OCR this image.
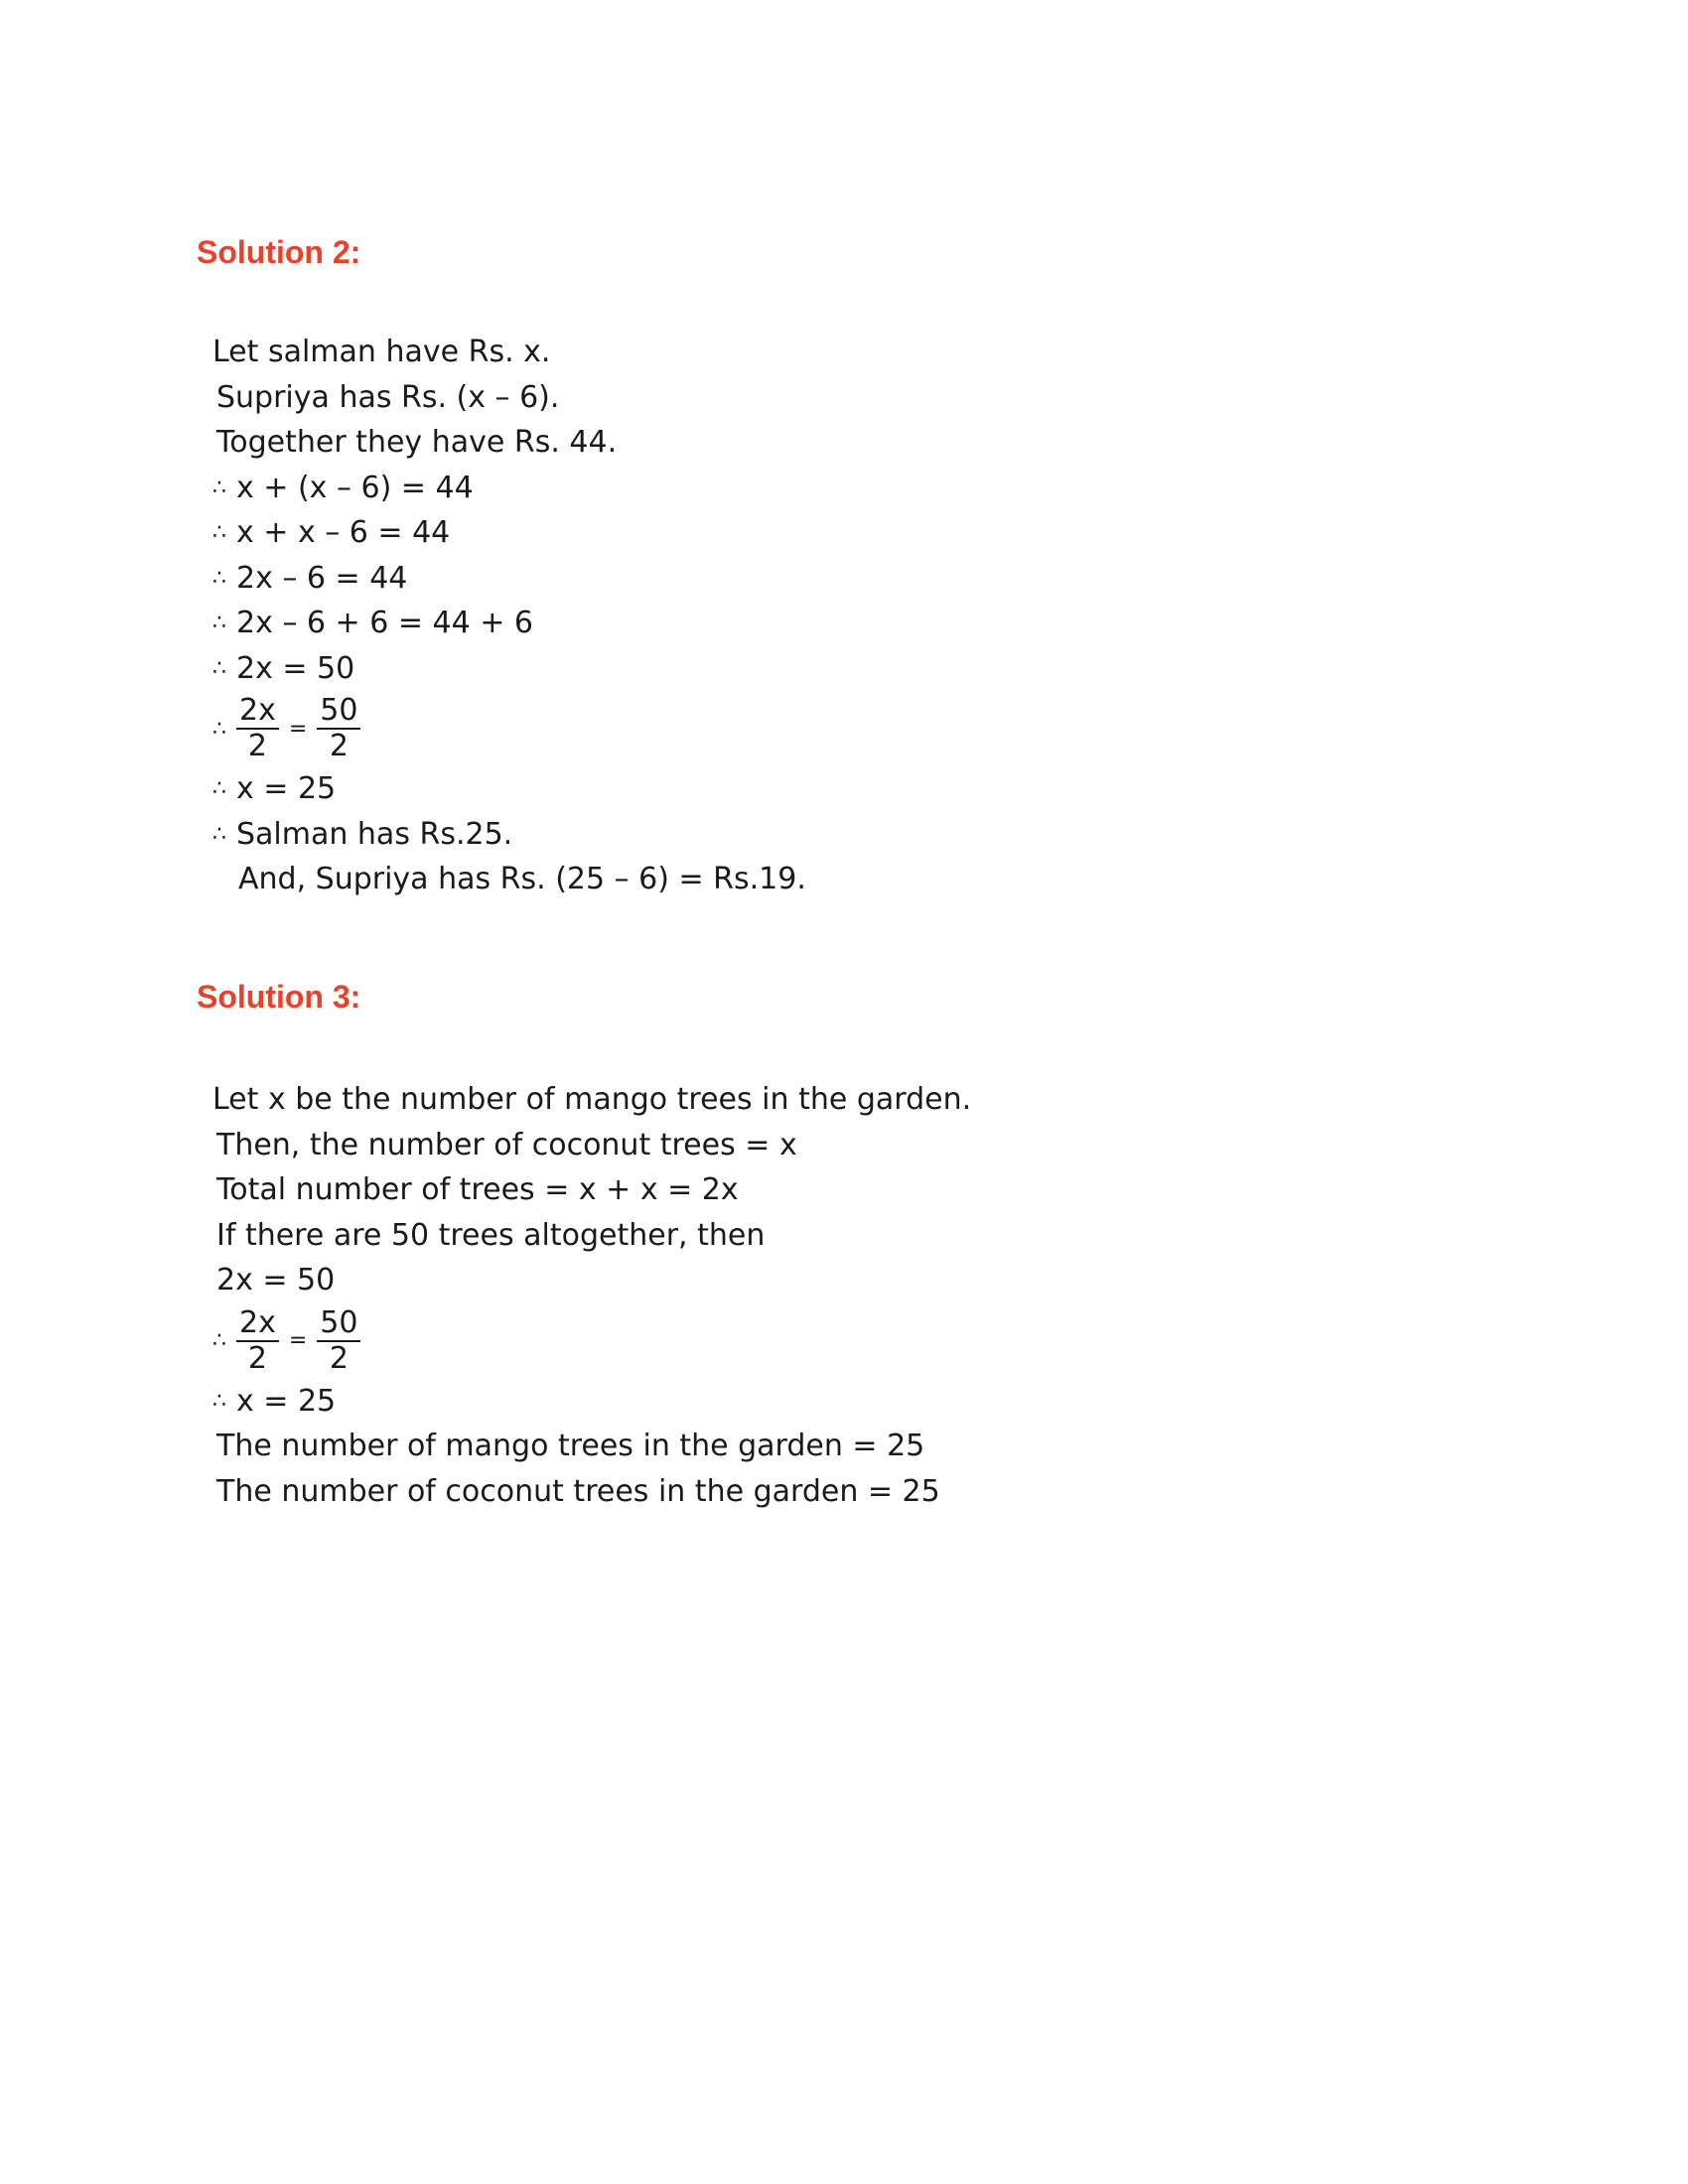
Solution 2:
Let salman have Rs. x.
Supriya has Rs. (x – 6).
Together they have Rs. 44.
∴ x + (x – 6) = 44
∴ x + x – 6 = 44
∴ 2x – 6 = 44
∴ 2x – 6 + 6 = 44 + 6
∴ 2x = 50
∴ $\frac{2x}{2} = \frac{50}{2}$
∴ x = 25
∴ Salman has Rs.25.
And, Supriya has Rs. (25 – 6) = Rs.19.
Solution 3:
Let x be the number of mango trees in the garden.
Then, the number of coconut trees = x
Total number of trees = x + x = 2x
If there are 50 trees altogether, then
2x = 50
∴ $\frac{2x}{2} = \frac{50}{2}$
∴ x = 25
The number of mango trees in the garden = 25
The number of coconut trees in the garden = 25
